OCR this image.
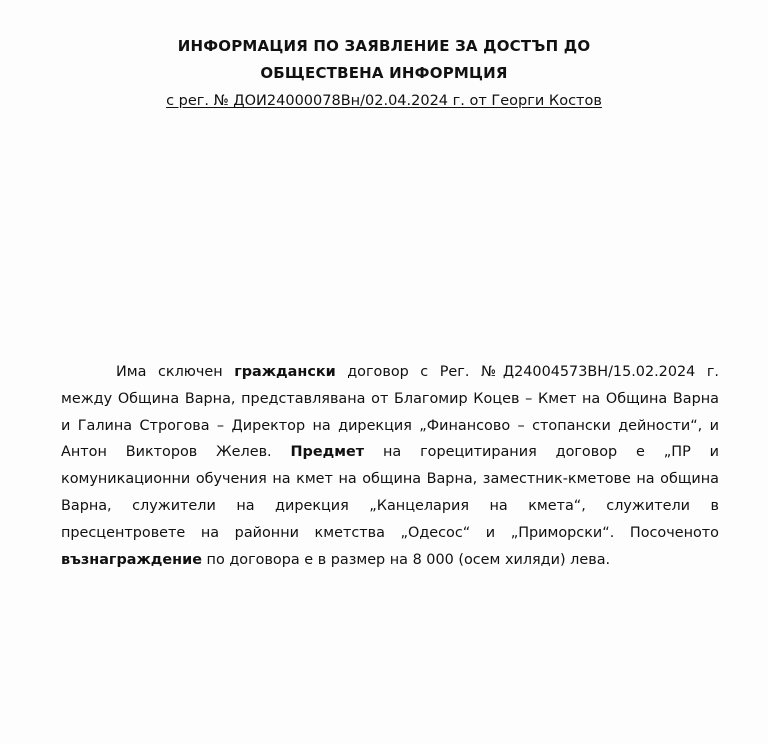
ИНФОРМАЦИЯ ПО ЗАЯВЛЕНИЕ ЗА ДОСТЪП ДО
ОБЩЕСТВЕНА ИНФОРМЦИЯ
с рег. № ДОИ24000078Вн/02.04.2024 г. от Георги Костов

Има сключен граждански договор с Рег. №Д24004573ВН/15.02.2024 г. между Община Варна, представлявана от Благомир Коцев – Кмет на Община Варна и Галина Строгова – Директор на дирекция „Финансово – стопански дейности“, и Антон Викторов Желев. Предмет на горецитирания договор е „ПР и комуникационни обучения на кмет на община Варна, заместник-кметове на община Варна, служители на дирекция „Канцелария на кмета“, служители в пресцентровете на районни кметства „Одесос“ и „Приморски“. Посоченото възнаграждение по договора е в размер на 8 000 (осем хиляди) лева.
